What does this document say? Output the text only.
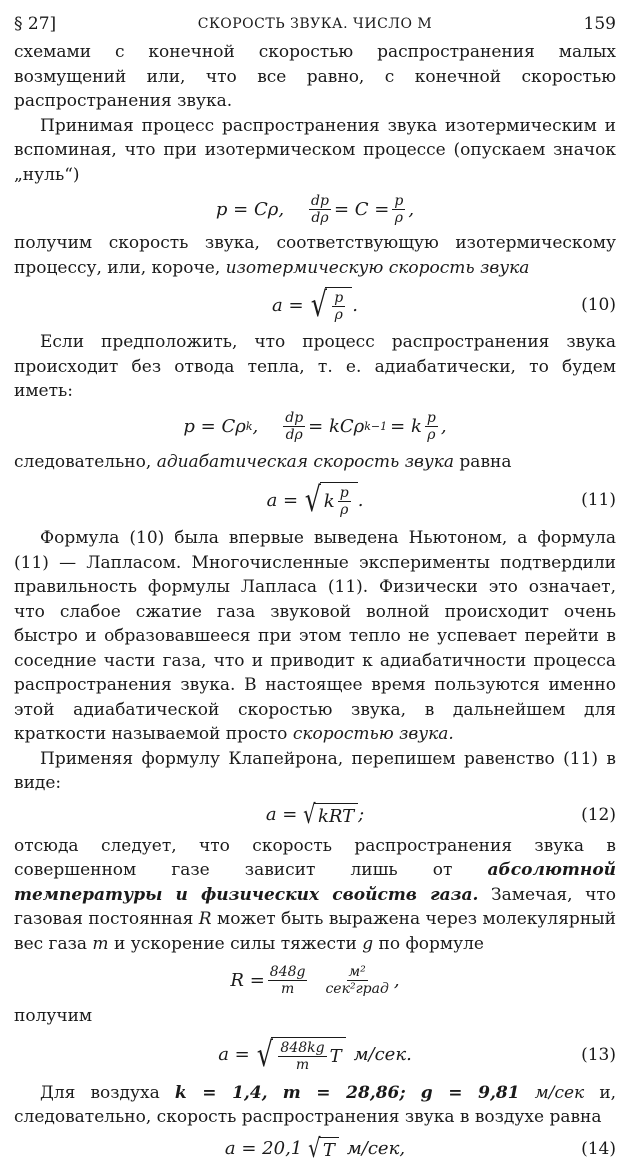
§ 27]	СКОРОСТЬ ЗВУКА. ЧИСЛО M	159

схемами с конечной скоростью распространения малых возмущений или, что все равно, с конечной скоростью распространения звука.

Принимая процесс распространения звука изотермическим и вспоминая, что при изотермическом процессе (опускаем значок „нуль“)

p = Cρ, $\frac{dp}{d\rho} = C = \frac{p}{\rho}$ ,

получим скорость звука, соответствующую изотермическому процессу, или, короче, изотермическую скорость звука

a = √ $\frac{p}{\rho}$ .	(10)

Если предположить, что процесс распространения звука происходит без отвода тепла, т. е. адиабатически, то будем иметь:

p = Cρ k , $\frac{dp}{d\rho} = kC\rho$ k−1 = k $\frac{p}{\rho}$ ,

следовательно, адиабатическая скорость звука равна

a = √ k $\frac{p}{\rho}$ .	(11)

Формула (10) была впервые выведена Ньютоном, а формула (11) — Лапласом. Многочисленные эксперименты подтвердили правильность формулы Лапласа (11). Физически это означает, что слабое сжатие газа звуковой волной происходит очень быстро и образовавшееся при этом тепло не успевает перейти в соседние части газа, что и приводит к адиабатичности процесса распространения звука. В настоящее время пользуются именно этой адиабатической скоростью звука, в дальнейшем для краткости называемой просто скоростью звука.

Применяя формулу Клапейрона, перепишем равенство (11) в виде:

a = √ kRT ;	(12)

отсюда следует, что скорость распространения звука в совершенном газе зависит лишь от абсолютной температуры и физических свойств газа. Замечая, что газовая постоянная R может быть выражена через молекулярный вес газа m и ускорение силы тяжести g по формуле

$R = \frac{848g}{m} \frac{\text{м²}}{\text{сек²град}}$ ,

получим

a = √ $\frac{848kg}{m}$ T м/сек.	(13)

Для воздуха k = 1,4, m = 28,86; g = 9,81 м/сек и, следовательно, скорость распространения звука в воздухе равна

a = 20,1 √ T м/сек,	(14)
